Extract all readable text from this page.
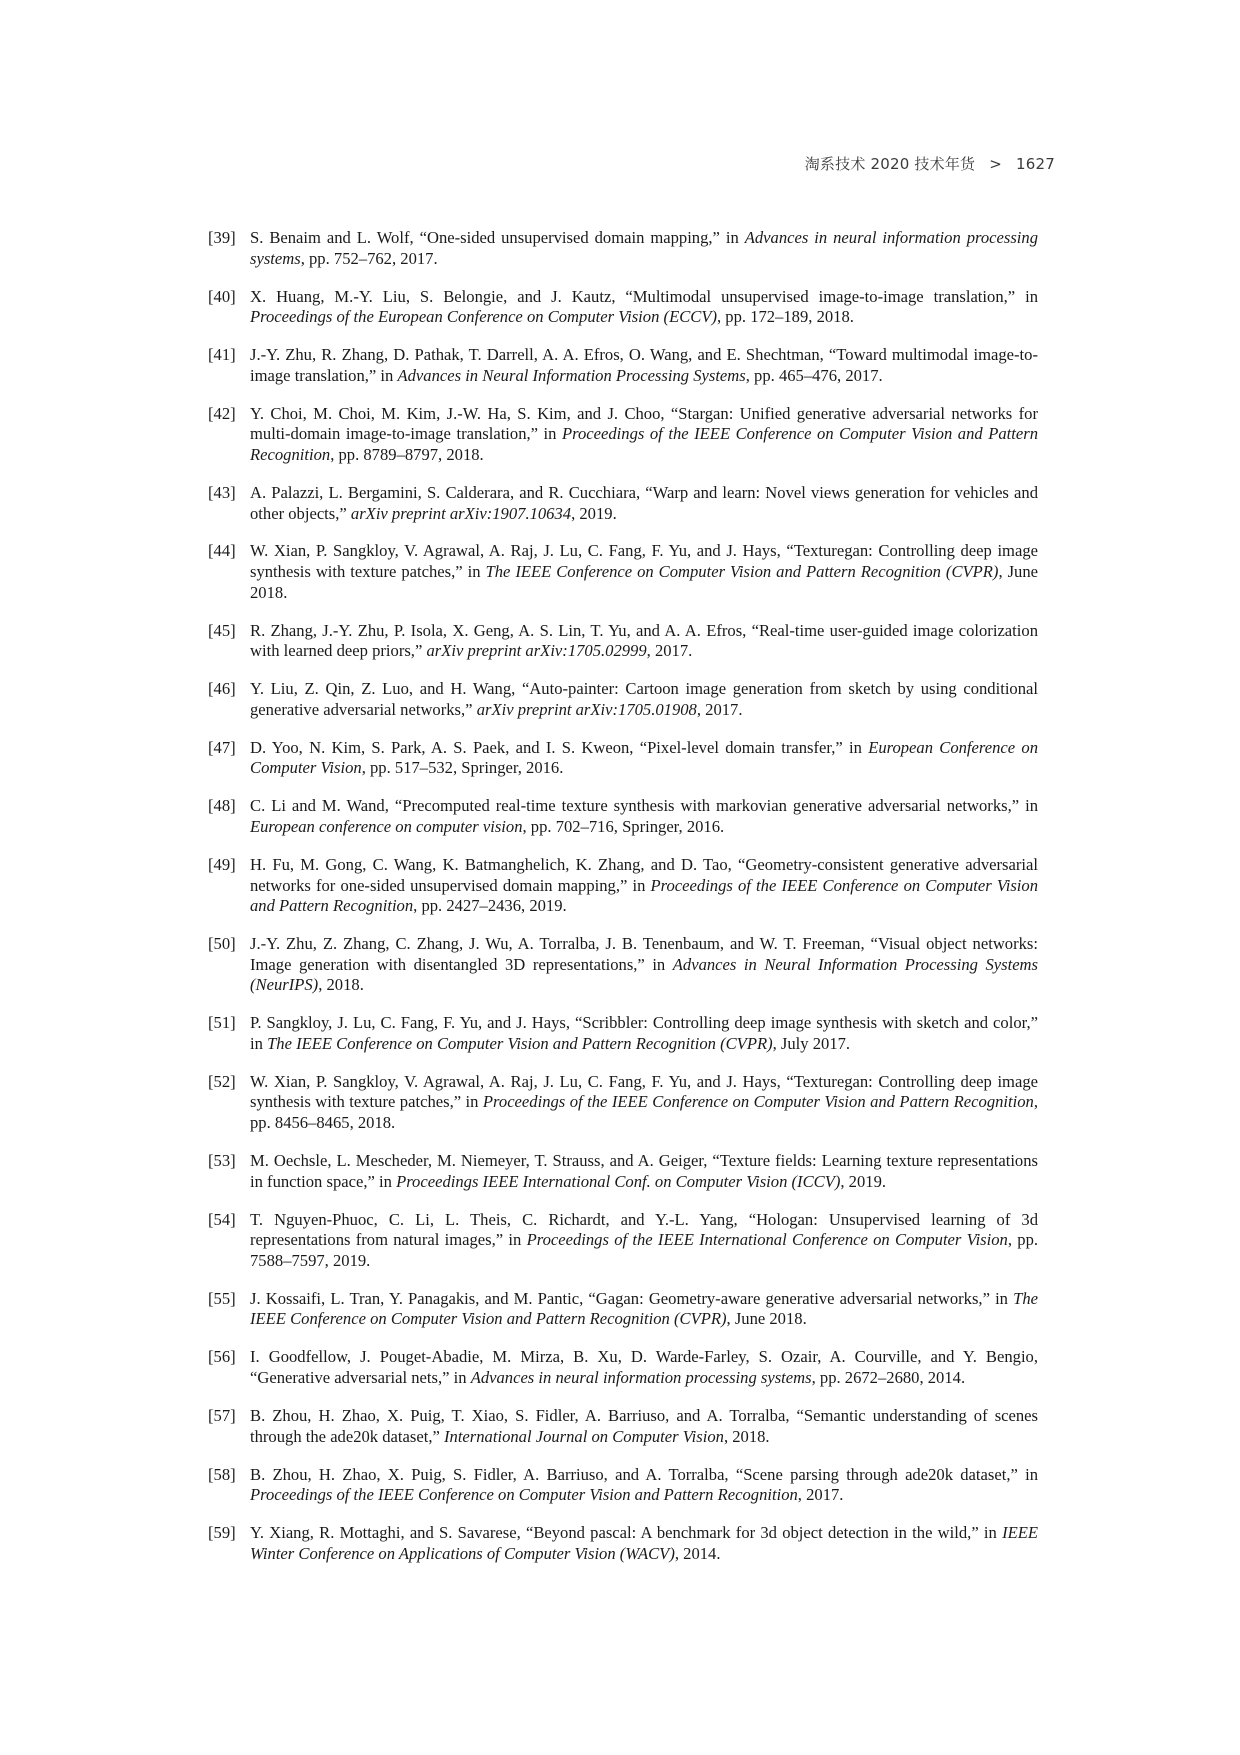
淘系技术 2020 技术年货 > 1627
[39] S. Benaim and L. Wolf, “One-sided unsupervised domain mapping,” in Advances in neural information processing systems, pp. 752–762, 2017.
[40] X. Huang, M.-Y. Liu, S. Belongie, and J. Kautz, “Multimodal unsupervised image-to-image translation,” in Proceedings of the European Conference on Computer Vision (ECCV), pp. 172–189, 2018.
[41] J.-Y. Zhu, R. Zhang, D. Pathak, T. Darrell, A. A. Efros, O. Wang, and E. Shechtman, “Toward multimodal image-to-image translation,” in Advances in Neural Information Processing Systems, pp. 465–476, 2017.
[42] Y. Choi, M. Choi, M. Kim, J.-W. Ha, S. Kim, and J. Choo, “Stargan: Unified generative adversarial networks for multi-domain image-to-image translation,” in Proceedings of the IEEE Conference on Computer Vision and Pattern Recognition, pp. 8789–8797, 2018.
[43] A. Palazzi, L. Bergamini, S. Calderara, and R. Cucchiara, “Warp and learn: Novel views generation for vehicles and other objects,” arXiv preprint arXiv:1907.10634, 2019.
[44] W. Xian, P. Sangkloy, V. Agrawal, A. Raj, J. Lu, C. Fang, F. Yu, and J. Hays, “Texturegan: Controlling deep image synthesis with texture patches,” in The IEEE Conference on Computer Vision and Pattern Recognition (CVPR), June 2018.
[45] R. Zhang, J.-Y. Zhu, P. Isola, X. Geng, A. S. Lin, T. Yu, and A. A. Efros, “Real-time user-guided image colorization with learned deep priors,” arXiv preprint arXiv:1705.02999, 2017.
[46] Y. Liu, Z. Qin, Z. Luo, and H. Wang, “Auto-painter: Cartoon image generation from sketch by using conditional generative adversarial networks,” arXiv preprint arXiv:1705.01908, 2017.
[47] D. Yoo, N. Kim, S. Park, A. S. Paek, and I. S. Kweon, “Pixel-level domain transfer,” in European Conference on Computer Vision, pp. 517–532, Springer, 2016.
[48] C. Li and M. Wand, “Precomputed real-time texture synthesis with markovian generative adversarial networks,” in European conference on computer vision, pp. 702–716, Springer, 2016.
[49] H. Fu, M. Gong, C. Wang, K. Batmanghelich, K. Zhang, and D. Tao, “Geometry-consistent generative adversarial networks for one-sided unsupervised domain mapping,” in Proceedings of the IEEE Conference on Computer Vision and Pattern Recognition, pp. 2427–2436, 2019.
[50] J.-Y. Zhu, Z. Zhang, C. Zhang, J. Wu, A. Torralba, J. B. Tenenbaum, and W. T. Freeman, “Visual object networks: Image generation with disentangled 3D representations,” in Advances in Neural Information Processing Systems (NeurIPS), 2018.
[51] P. Sangkloy, J. Lu, C. Fang, F. Yu, and J. Hays, “Scribbler: Controlling deep image synthesis with sketch and color,” in The IEEE Conference on Computer Vision and Pattern Recognition (CVPR), July 2017.
[52] W. Xian, P. Sangkloy, V. Agrawal, A. Raj, J. Lu, C. Fang, F. Yu, and J. Hays, “Texturegan: Controlling deep image synthesis with texture patches,” in Proceedings of the IEEE Conference on Computer Vision and Pattern Recognition, pp. 8456–8465, 2018.
[53] M. Oechsle, L. Mescheder, M. Niemeyer, T. Strauss, and A. Geiger, “Texture fields: Learning texture representations in function space,” in Proceedings IEEE International Conf. on Computer Vision (ICCV), 2019.
[54] T. Nguyen-Phuoc, C. Li, L. Theis, C. Richardt, and Y.-L. Yang, “Hologan: Unsupervised learning of 3d representations from natural images,” in Proceedings of the IEEE International Conference on Computer Vision, pp. 7588–7597, 2019.
[55] J. Kossaifi, L. Tran, Y. Panagakis, and M. Pantic, “Gagan: Geometry-aware generative adversarial networks,” in The IEEE Conference on Computer Vision and Pattern Recognition (CVPR), June 2018.
[56] I. Goodfellow, J. Pouget-Abadie, M. Mirza, B. Xu, D. Warde-Farley, S. Ozair, A. Courville, and Y. Bengio, “Generative adversarial nets,” in Advances in neural information processing systems, pp. 2672–2680, 2014.
[57] B. Zhou, H. Zhao, X. Puig, T. Xiao, S. Fidler, A. Barriuso, and A. Torralba, “Semantic understanding of scenes through the ade20k dataset,” International Journal on Computer Vision, 2018.
[58] B. Zhou, H. Zhao, X. Puig, S. Fidler, A. Barriuso, and A. Torralba, “Scene parsing through ade20k dataset,” in Proceedings of the IEEE Conference on Computer Vision and Pattern Recognition, 2017.
[59] Y. Xiang, R. Mottaghi, and S. Savarese, “Beyond pascal: A benchmark for 3d object detection in the wild,” in IEEE Winter Conference on Applications of Computer Vision (WACV), 2014.
